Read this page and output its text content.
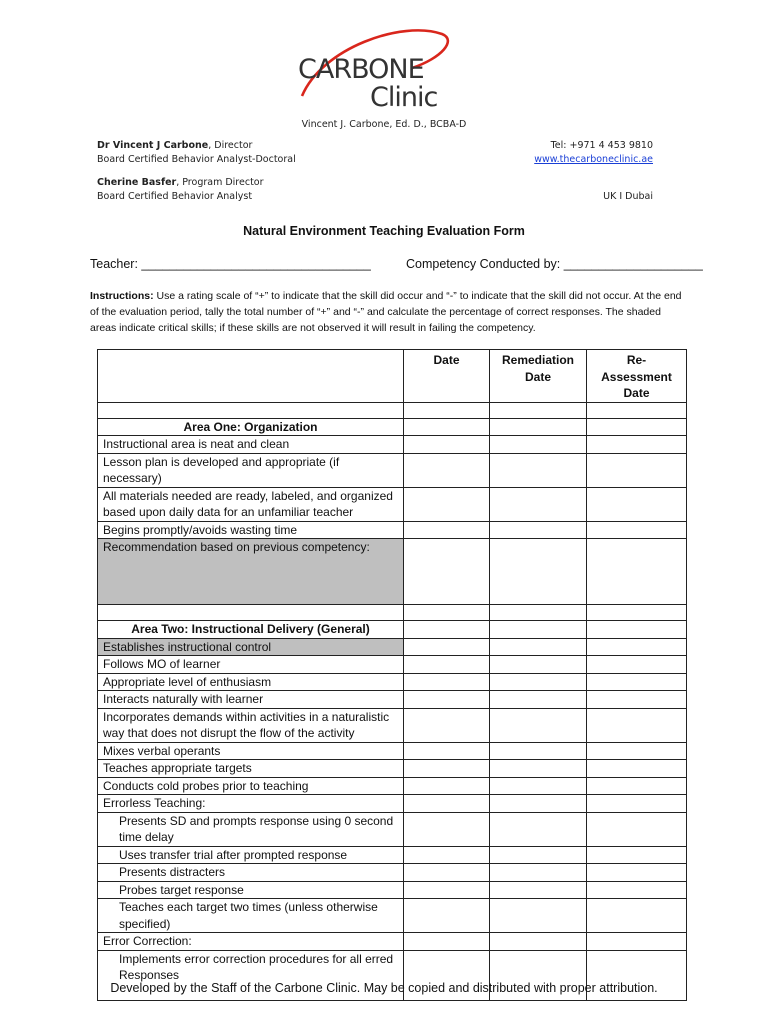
CARBONE
Clinic
Vincent J. Carbone, Ed. D., BCBA-D
Dr Vincent J Carbone, Director
Board Certified Behavior Analyst-Doctoral
Tel: +971 4 453 9810
www.thecarboneclinic.ae
Cherine Basfer, Program Director
Board Certified Behavior Analyst	UK I Dubai
Natural Environment Teaching Evaluation Form
Teacher: _________________________________	Competency Conducted by: ____________________
Instructions: Use a rating scale of “+” to indicate that the skill did occur and “-” to indicate that the skill did not occur. At the end of the evaluation period, tally the total number of “+” and “-” and calculate the percentage of correct responses. The shaded areas indicate critical skills; if these skills are not observed it will result in failing the competency.
	Date	Remediation Date	Re-Assessment Date

Area One: Organization			
Instructional area is neat and clean			
Lesson plan is developed and appropriate (if necessary)			
All materials needed are ready, labeled, and organized based upon daily data for an unfamiliar teacher			
Begins promptly/avoids wasting time			
Recommendation based on previous competency:			

Area Two: Instructional Delivery (General)			
Establishes instructional control			
Follows MO of learner			
Appropriate level of enthusiasm			
Interacts naturally with learner			
Incorporates demands within activities in a naturalistic way that does not disrupt the flow of the activity			
Mixes verbal operants			
Teaches appropriate targets			
Conducts cold probes prior to teaching			
Errorless Teaching:			
Presents SD and prompts response using 0 second time delay			
Uses transfer trial after prompted response			
Presents distracters			
Probes target response			
Teaches each target two times (unless otherwise specified)			
Error Correction:			
Implements error correction procedures for all erred Responses			
Developed by the Staff of the Carbone Clinic. May be copied and distributed with proper attribution.
